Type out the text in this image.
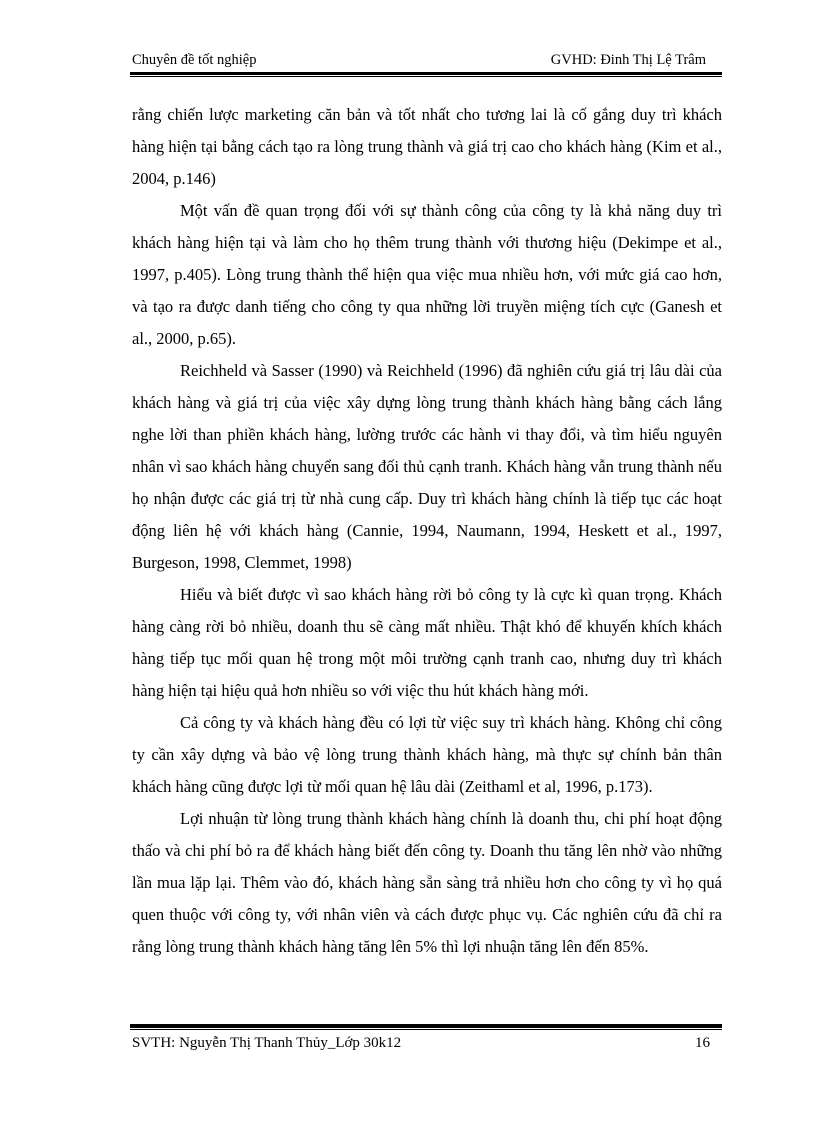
Chuyên đề tốt nghiệp	GVHD: Đinh Thị Lệ Trâm

rằng chiến lược marketing căn bản và tốt nhất cho tương lai là cố gắng duy trì khách hàng hiện tại bằng cách tạo ra lòng trung thành và giá trị cao cho khách hàng (Kim et al., 2004, p.146)

Một vấn đề quan trọng đối với sự thành công của công ty là khả năng duy trì khách hàng hiện tại và làm cho họ thêm trung thành với thương hiệu (Dekimpe et al., 1997, p.405). Lòng trung thành thể hiện qua việc mua nhiều hơn, với mức giá cao hơn, và tạo ra được danh tiếng cho công ty qua những lời truyền miệng tích cực (Ganesh et al., 2000, p.65).

Reichheld và Sasser (1990) và Reichheld (1996) đã nghiên cứu giá trị lâu dài của khách hàng và giá trị của việc xây dựng lòng trung thành khách hàng bằng cách lắng nghe lời than phiền khách hàng, lường trước các hành vi thay đổi, và tìm hiểu nguyên nhân vì sao khách hàng chuyển sang đối thủ cạnh tranh. Khách hàng vẫn trung thành nếu họ nhận được các giá trị từ nhà cung cấp. Duy trì khách hàng chính là tiếp tục các hoạt động liên hệ với khách hàng (Cannie, 1994, Naumann, 1994, Heskett et al., 1997, Burgeson, 1998, Clemmet, 1998)

Hiểu và biết được vì sao khách hàng rời bỏ công ty là cực kì quan trọng. Khách hàng càng rời bỏ nhiều, doanh thu sẽ càng mất nhiều. Thật khó để khuyến khích khách hàng tiếp tục mối quan hệ trong một môi trường cạnh tranh cao, nhưng duy trì khách hàng hiện tại hiệu quả hơn nhiều so với việc thu hút khách hàng mới.

Cả công ty và khách hàng đều có lợi từ việc suy trì khách hàng. Không chỉ công ty cần xây dựng và bảo vệ lòng trung thành khách hàng, mà thực sự chính bản thân khách hàng cũng được lợi từ mối quan hệ lâu dài (Zeithaml et al, 1996, p.173).

Lợi nhuận từ lòng trung thành khách hàng chính là doanh thu, chi phí hoạt động thấo và chi phí bỏ ra để khách hàng biết đến công ty. Doanh thu tăng lên nhờ vào những lần mua lặp lại. Thêm vào đó, khách hàng sẵn sàng trả nhiều hơn cho công ty vì họ quá quen thuộc với công ty, với nhân viên và cách được phục vụ. Các nghiên cứu đã chỉ ra rằng lòng trung thành khách hàng tăng lên 5% thì lợi nhuận tăng lên đến 85%.

SVTH: Nguyễn Thị Thanh Thủy_Lớp 30k12	16
